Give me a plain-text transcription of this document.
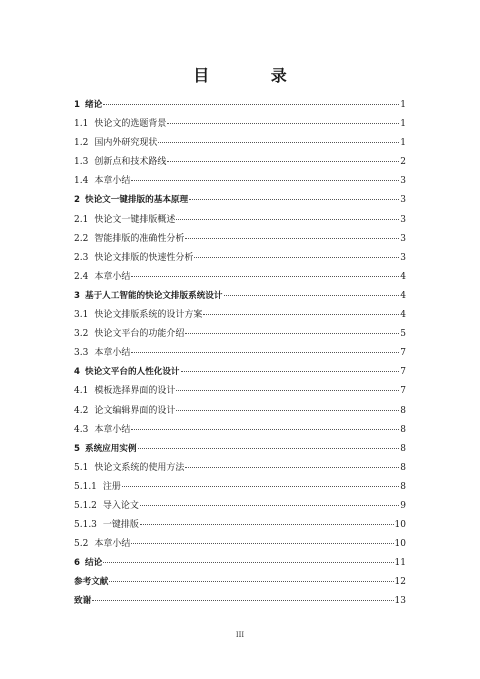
目 录
1 绪论	1
1.1 快论文的选题背景	1
1.2 国内外研究现状	1
1.3 创新点和技术路线	2
1.4 本章小结	3
2 快论文一键排版的基本原理	3
2.1 快论文一键排版概述	3
2.2 智能排版的准确性分析	3
2.3 快论文排版的快速性分析	3
2.4 本章小结	4
3 基于人工智能的快论文排版系统设计	4
3.1 快论文排版系统的设计方案	4
3.2 快论文平台的功能介绍	5
3.3 本章小结	7
4 快论文平台的人性化设计	7
4.1 模板选择界面的设计	7
4.2 论文编辑界面的设计	8
4.3 本章小结	8
5 系统应用实例	8
5.1 快论文系统的使用方法	8
5.1.1 注册	8
5.1.2 导入论文	9
5.1.3 一键排版	10
5.2 本章小结	10
6 结论	11
参考文献	12
致谢	13
III
